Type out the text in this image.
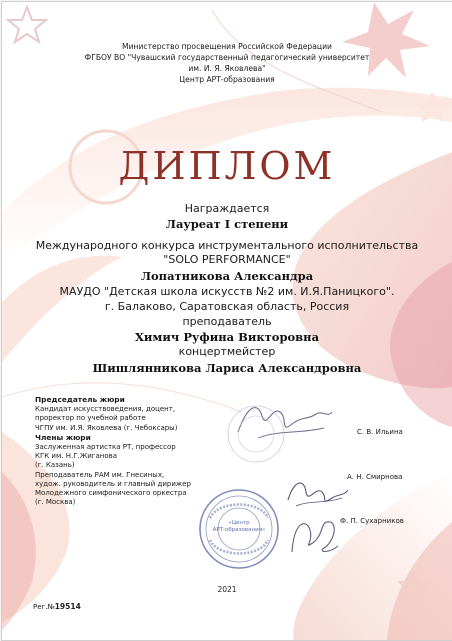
Министерство просвещения Российской Федерации
ФГБОУ ВО "Чувашский государственный педагогический университет
им. И. Я. Яковлева"
Центр АРТ-образования
ДИПЛОМ
Награждается
Лауреат I степени
Международного конкурса инструментального исполнительства
"SOLO PERFORMANCE"
Лопатникова Александра
МАУДО "Детская школа искусств №2 им. И.Я.Паницкого".
г. Балаково, Саратовская область, Россия
преподаватель
Химич Руфина Викторовна
концертмейстер
Шишлянникова Лариса Александровна
Председатель жюри
Кандидат искусствоведения, доцент,
проректор по учебной работе
ЧГПУ им. И.Я. Яковлева (г. Чебоксары)
Члены жюри
Заслуженная артистка РТ, профессор
КГК им. Н.Г.Жиганова
(г. Казань)
Преподаватель РАМ им. Гнесиных,
худож. руководитель и главный дирижер
Молодежного симфонического оркестра
(г. Москва)
С. В. Ильина
А. Н. Смирнова
Ф. П. Сухарников
«Центр
АРТ-образования»
2021
Рег.№19514
